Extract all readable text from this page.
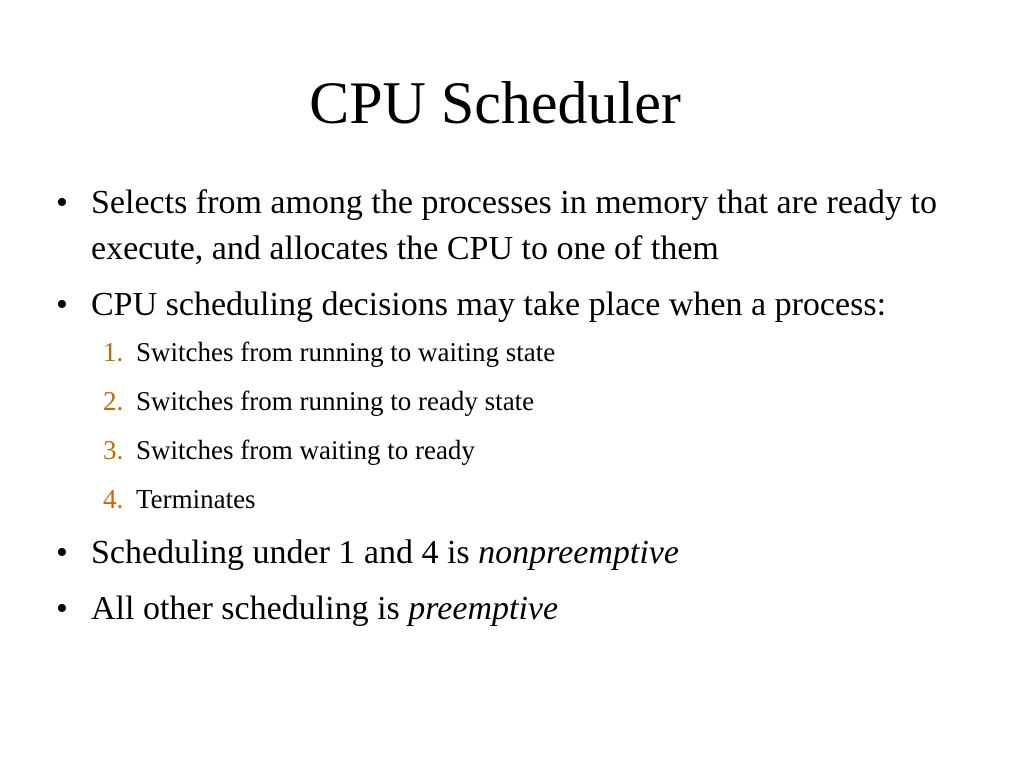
CPU Scheduler
• Selects from among the processes in memory that are ready to execute, and allocates the CPU to one of them
• CPU scheduling decisions may take place when a process:
1. Switches from running to waiting state
2. Switches from running to ready state
3. Switches from waiting to ready
4. Terminates
• Scheduling under 1 and 4 is nonpreemptive
• All other scheduling is preemptive
